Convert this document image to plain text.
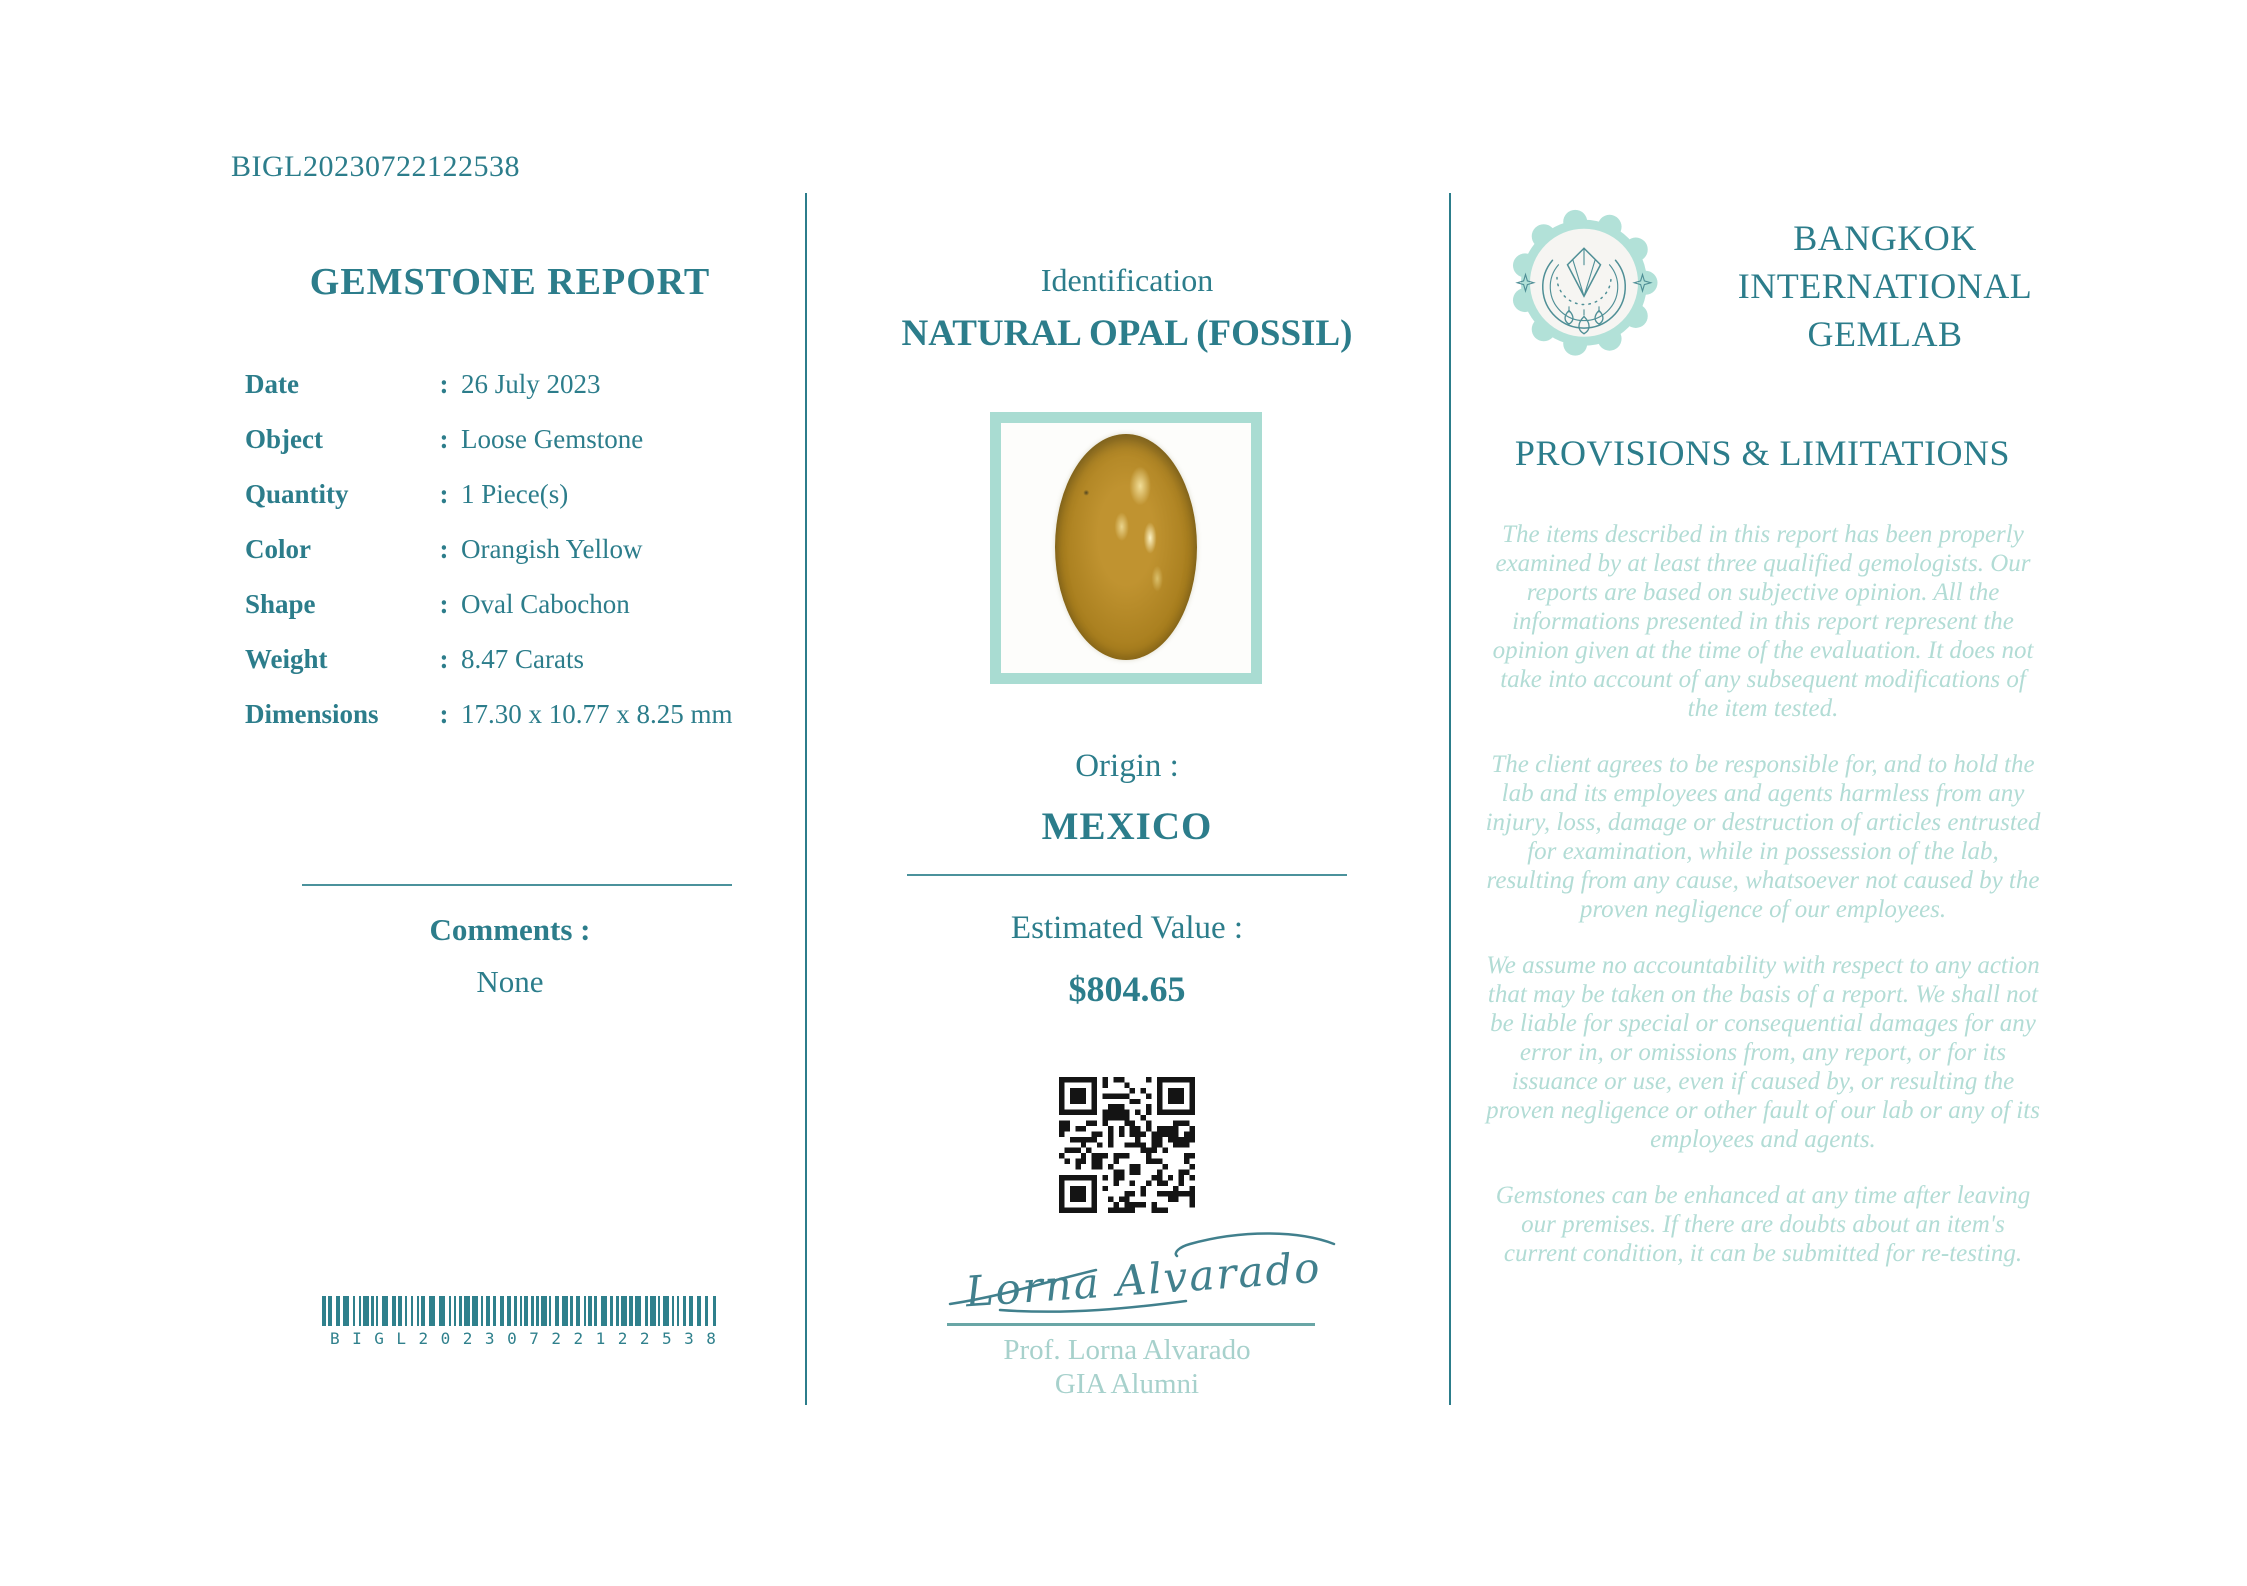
BIGL20230722122538
GEMSTONE REPORT
Date	: 26 July 2023
Object	: Loose Gemstone
Quantity	: 1 Piece(s)
Color	: Orangish Yellow
Shape	: Oval Cabochon
Weight	: 8.47 Carats
Dimensions	: 17.30 x 10.77 x 8.25 mm
Comments :
None
BIGL20230722122538
Identification
NATURAL OPAL (FOSSIL)
Origin :
MEXICO
Estimated Value :
$804.65
Lorna Alvarado
Prof. Lorna Alvarado
GIA Alumni
BANGKOK
INTERNATIONAL
GEMLAB
PROVISIONS & LIMITATIONS

The items described in this report has been properly examined by at least three qualified gemologists. Our reports are based on subjective opinion. All the informations presented in this report represent the opinion given at the time of the evaluation. It does not take into account of any subsequent modifications of the item tested.

The client agrees to be responsible for, and to hold the lab and its employees and agents harmless from any injury, loss, damage or destruction of articles entrusted for examination, while in possession of the lab, resulting from any cause, whatsoever not caused by the proven negligence of our employees.

We assume no accountability with respect to any action that may be taken on the basis of a report. We shall not be liable for special or consequential damages for any error in, or omissions from, any report, or for its issuance or use, even if caused by, or resulting the proven negligence or other fault of our lab or any of its employees and agents.

Gemstones can be enhanced at any time after leaving our premises. If there are doubts about an item's current condition, it can be submitted for re-testing.
